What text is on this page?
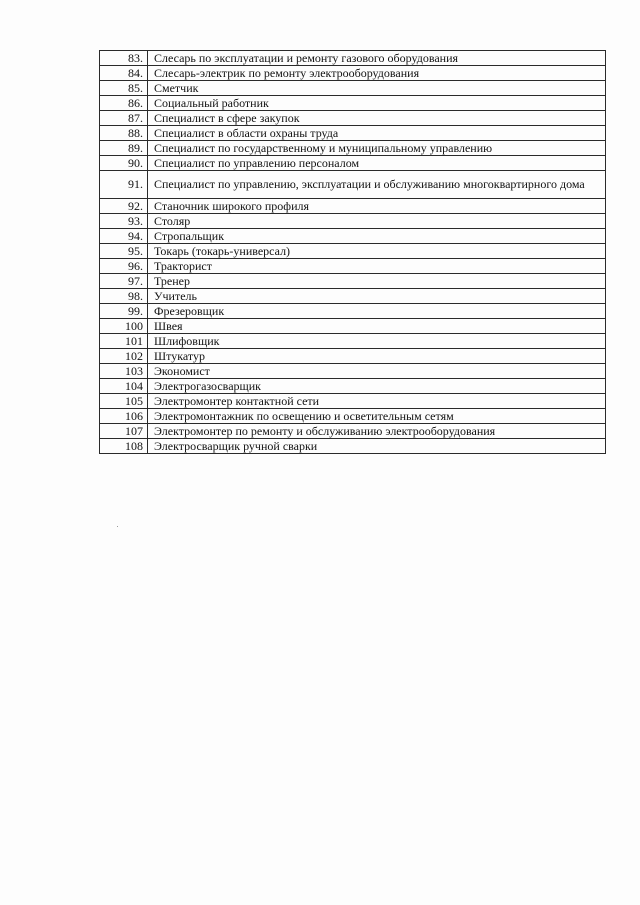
83.	Слесарь по эксплуатации и ремонту газового оборудования
84.	Слесарь-электрик по ремонту электрооборудования
85.	Сметчик
86.	Социальный работник
87.	Специалист в сфере закупок
88.	Специалист в области охраны труда
89.	Специалист по государственному и муниципальному управлению
90.	Специалист по управлению персоналом
91.	Специалист по управлению, эксплуатации и обслуживанию многоквартирного дома
92.	Станочник широкого профиля
93.	Столяр
94.	Стропальщик
95.	Токарь (токарь-универсал)
96.	Тракторист
97.	Тренер
98.	Учитель
99.	Фрезеровщик
100	Швея
101	Шлифовщик
102	Штукатур
103	Экономист
104	Электрогазосварщик
105	Электромонтер контактной сети
106	Электромонтажник по освещению и осветительным сетям
107	Электромонтер по ремонту и обслуживанию электрооборудования
108	Электросварщик ручной сварки
